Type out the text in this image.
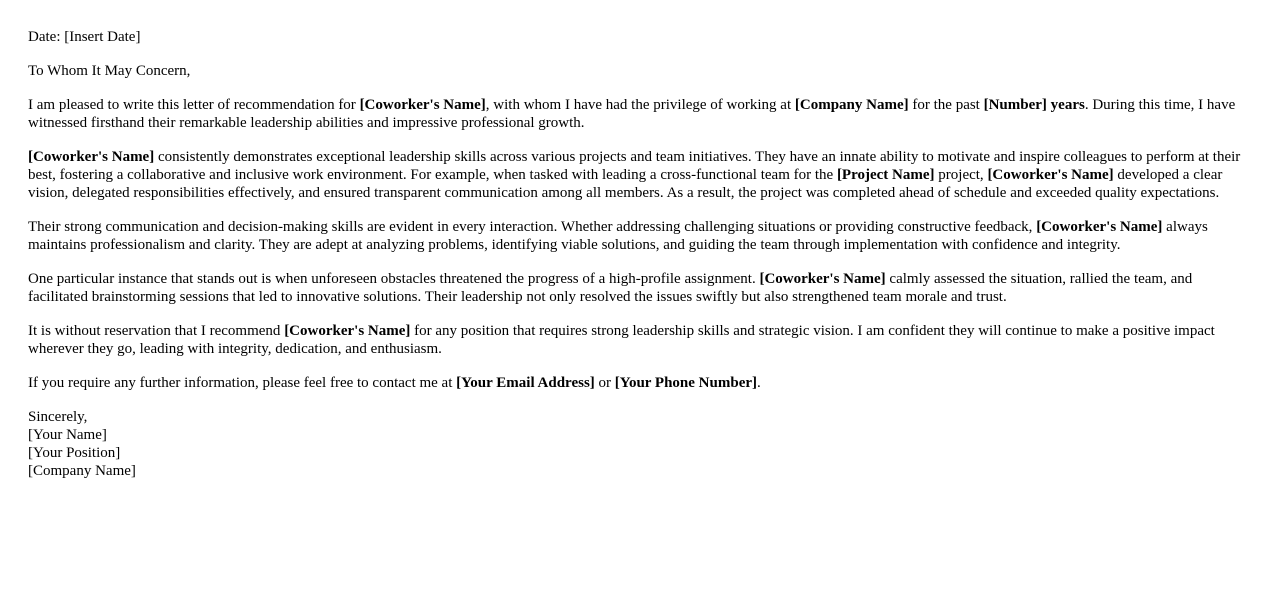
Date: [Insert Date]

To Whom It May Concern,

I am pleased to write this letter of recommendation for [Coworker's Name], with whom I have had the privilege of working at [Company Name] for the past [Number] years. During this time, I have witnessed firsthand their remarkable leadership abilities and impressive professional growth.

[Coworker's Name] consistently demonstrates exceptional leadership skills across various projects and team initiatives. They have an innate ability to motivate and inspire colleagues to perform at their best, fostering a collaborative and inclusive work environment. For example, when tasked with leading a cross-functional team for the [Project Name] project, [Coworker's Name] developed a clear vision, delegated responsibilities effectively, and ensured transparent communication among all members. As a result, the project was completed ahead of schedule and exceeded quality expectations.

Their strong communication and decision-making skills are evident in every interaction. Whether addressing challenging situations or providing constructive feedback, [Coworker's Name] always maintains professionalism and clarity. They are adept at analyzing problems, identifying viable solutions, and guiding the team through implementation with confidence and integrity.

One particular instance that stands out is when unforeseen obstacles threatened the progress of a high-profile assignment. [Coworker's Name] calmly assessed the situation, rallied the team, and facilitated brainstorming sessions that led to innovative solutions. Their leadership not only resolved the issues swiftly but also strengthened team morale and trust.

It is without reservation that I recommend [Coworker's Name] for any position that requires strong leadership skills and strategic vision. I am confident they will continue to make a positive impact wherever they go, leading with integrity, dedication, and enthusiasm.

If you require any further information, please feel free to contact me at [Your Email Address] or [Your Phone Number].

Sincerely,
[Your Name]
[Your Position]
[Company Name]
